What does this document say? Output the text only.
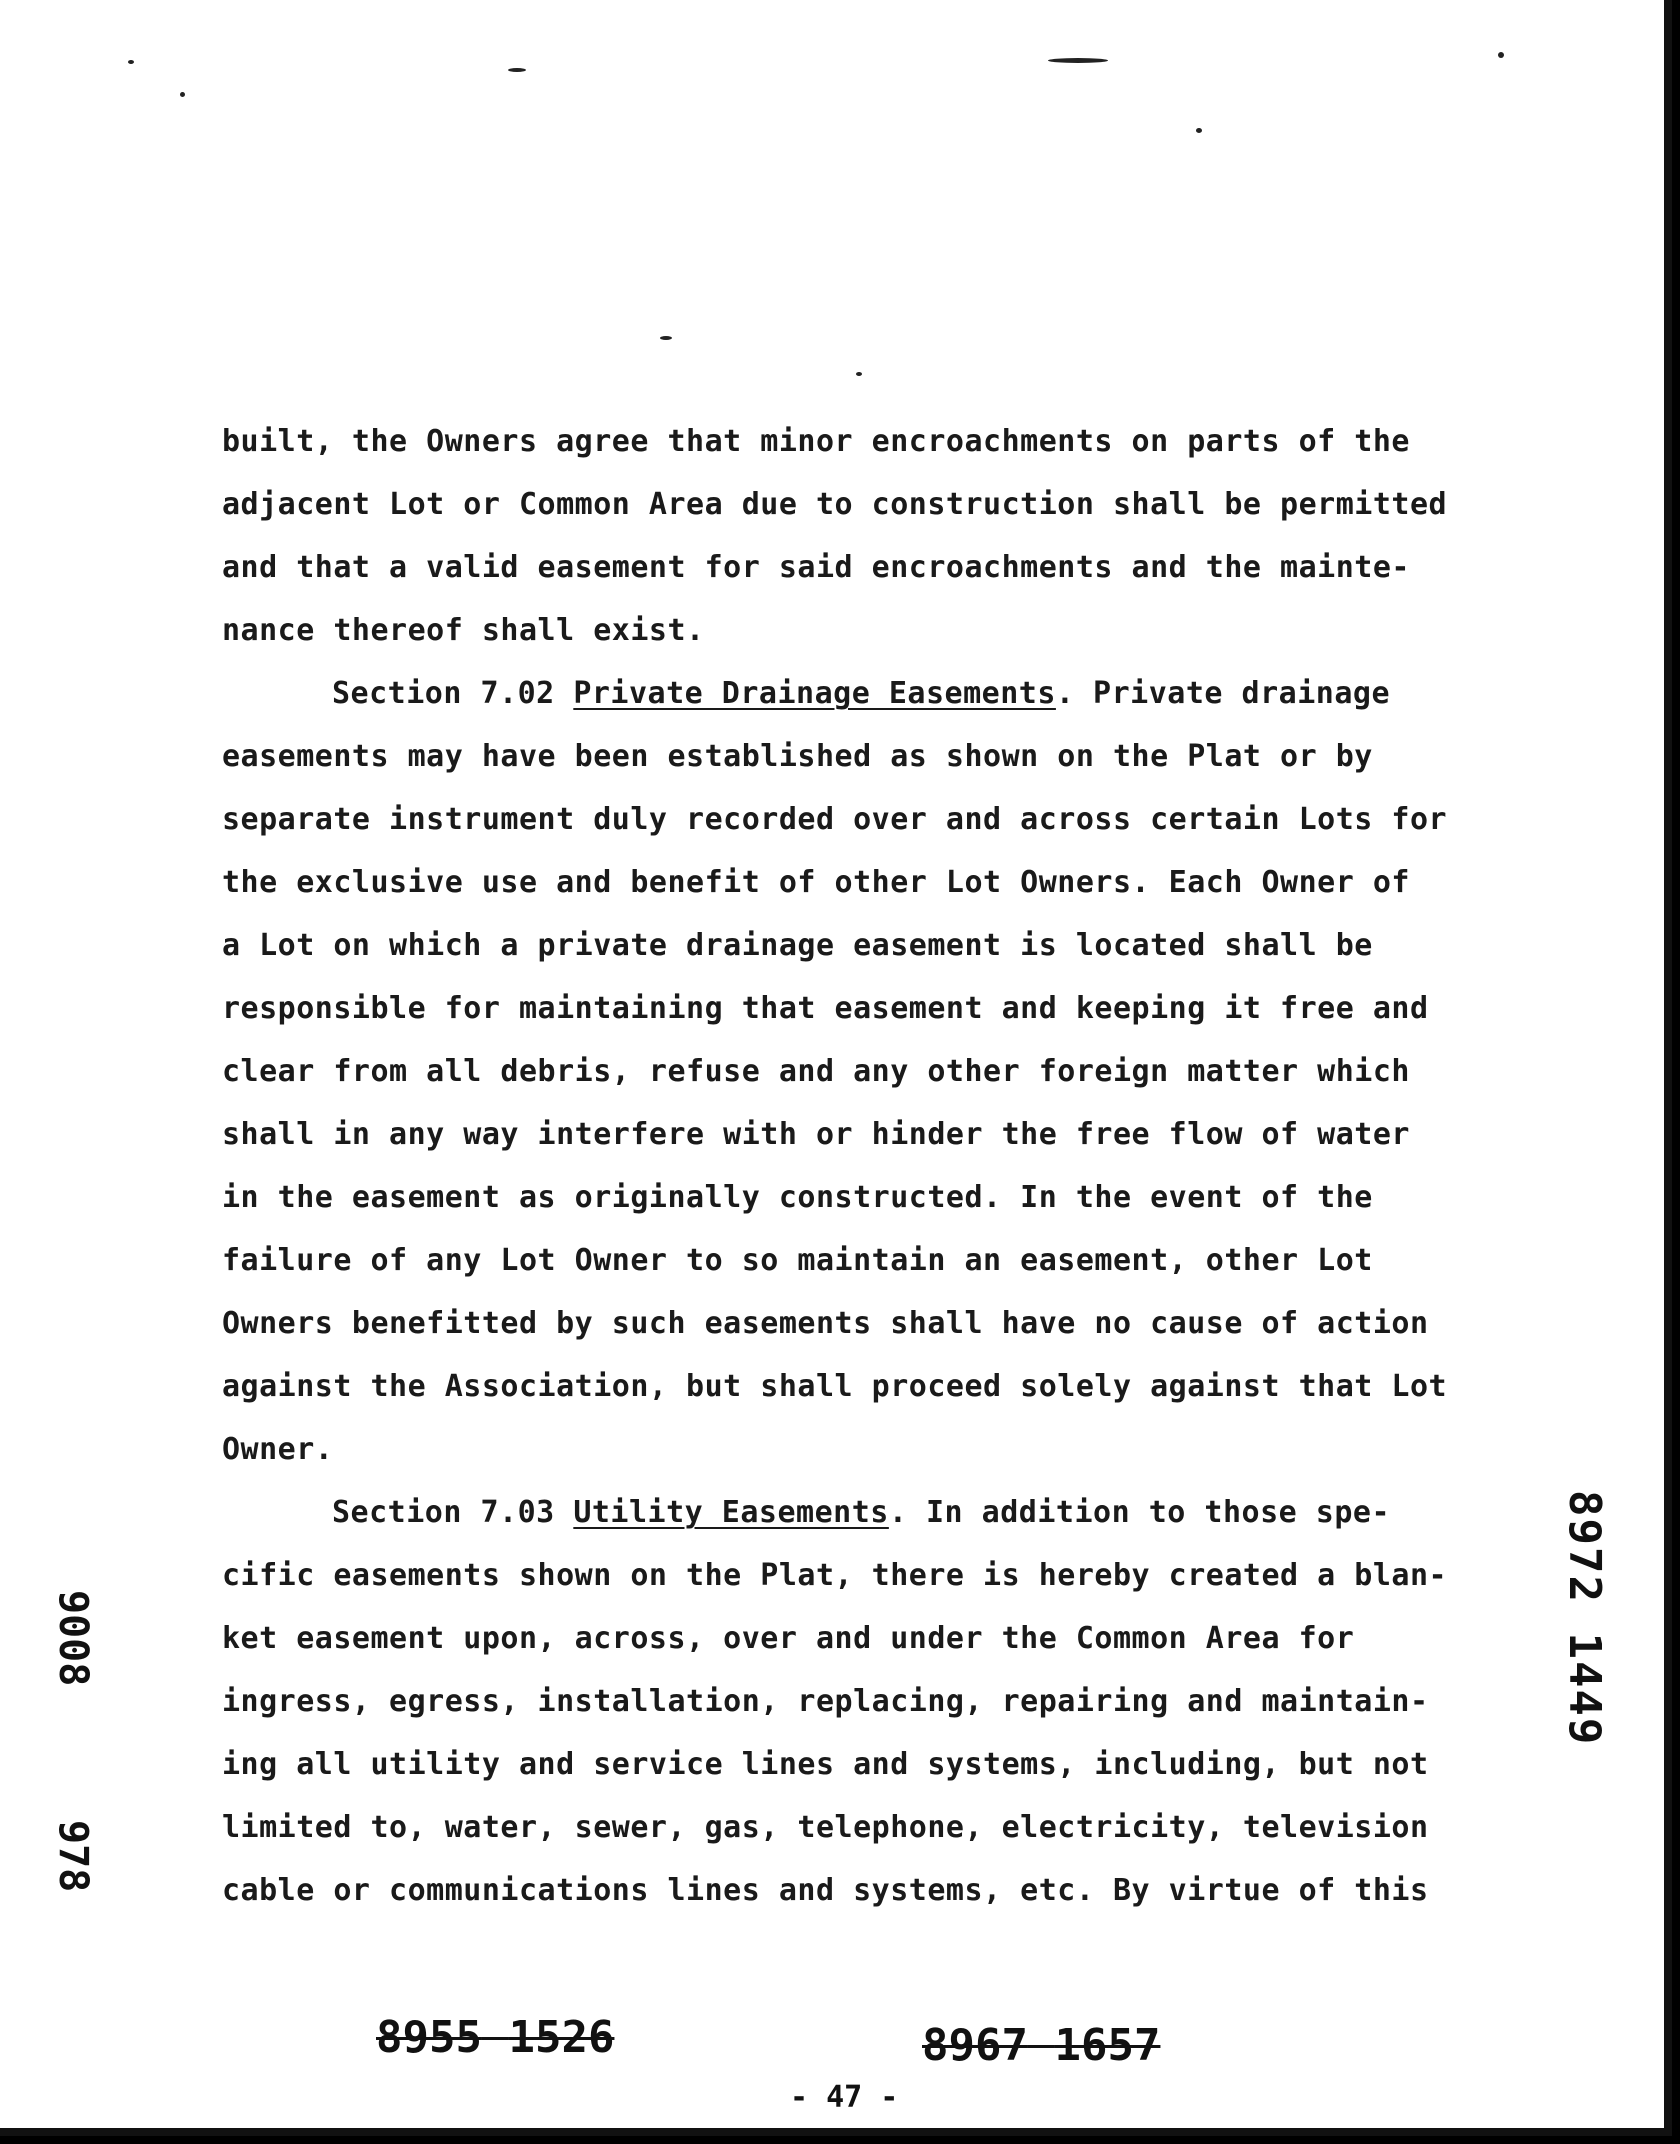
built, the Owners agree that minor encroachments on parts of the
adjacent Lot or Common Area due to construction shall be permitted
and that a valid easement for said encroachments and the mainte-
nance thereof shall exist.
Section 7.02 Private Drainage Easements. Private drainage
easements may have been established as shown on the Plat or by
separate instrument duly recorded over and across certain Lots for
the exclusive use and benefit of other Lot Owners. Each Owner of
a Lot on which a private drainage easement is located shall be
responsible for maintaining that easement and keeping it free and
clear from all debris, refuse and any other foreign matter which
shall in any way interfere with or hinder the free flow of water
in the easement as originally constructed. In the event of the
failure of any Lot Owner to so maintain an easement, other Lot
Owners benefitted by such easements shall have no cause of action
against the Association, but shall proceed solely against that Lot
Owner.
Section 7.03 Utility Easements. In addition to those spe-
cific easements shown on the Plat, there is hereby created a blan-
ket easement upon, across, over and under the Common Area for
ingress, egress, installation, replacing, repairing and maintain-
ing all utility and service lines and systems, including, but not
limited to, water, sewer, gas, telephone, electricity, television
cable or communications lines and systems, etc. By virtue of this
9008
978
8972 1449
8955 1526	8967 1657
- 47 -
